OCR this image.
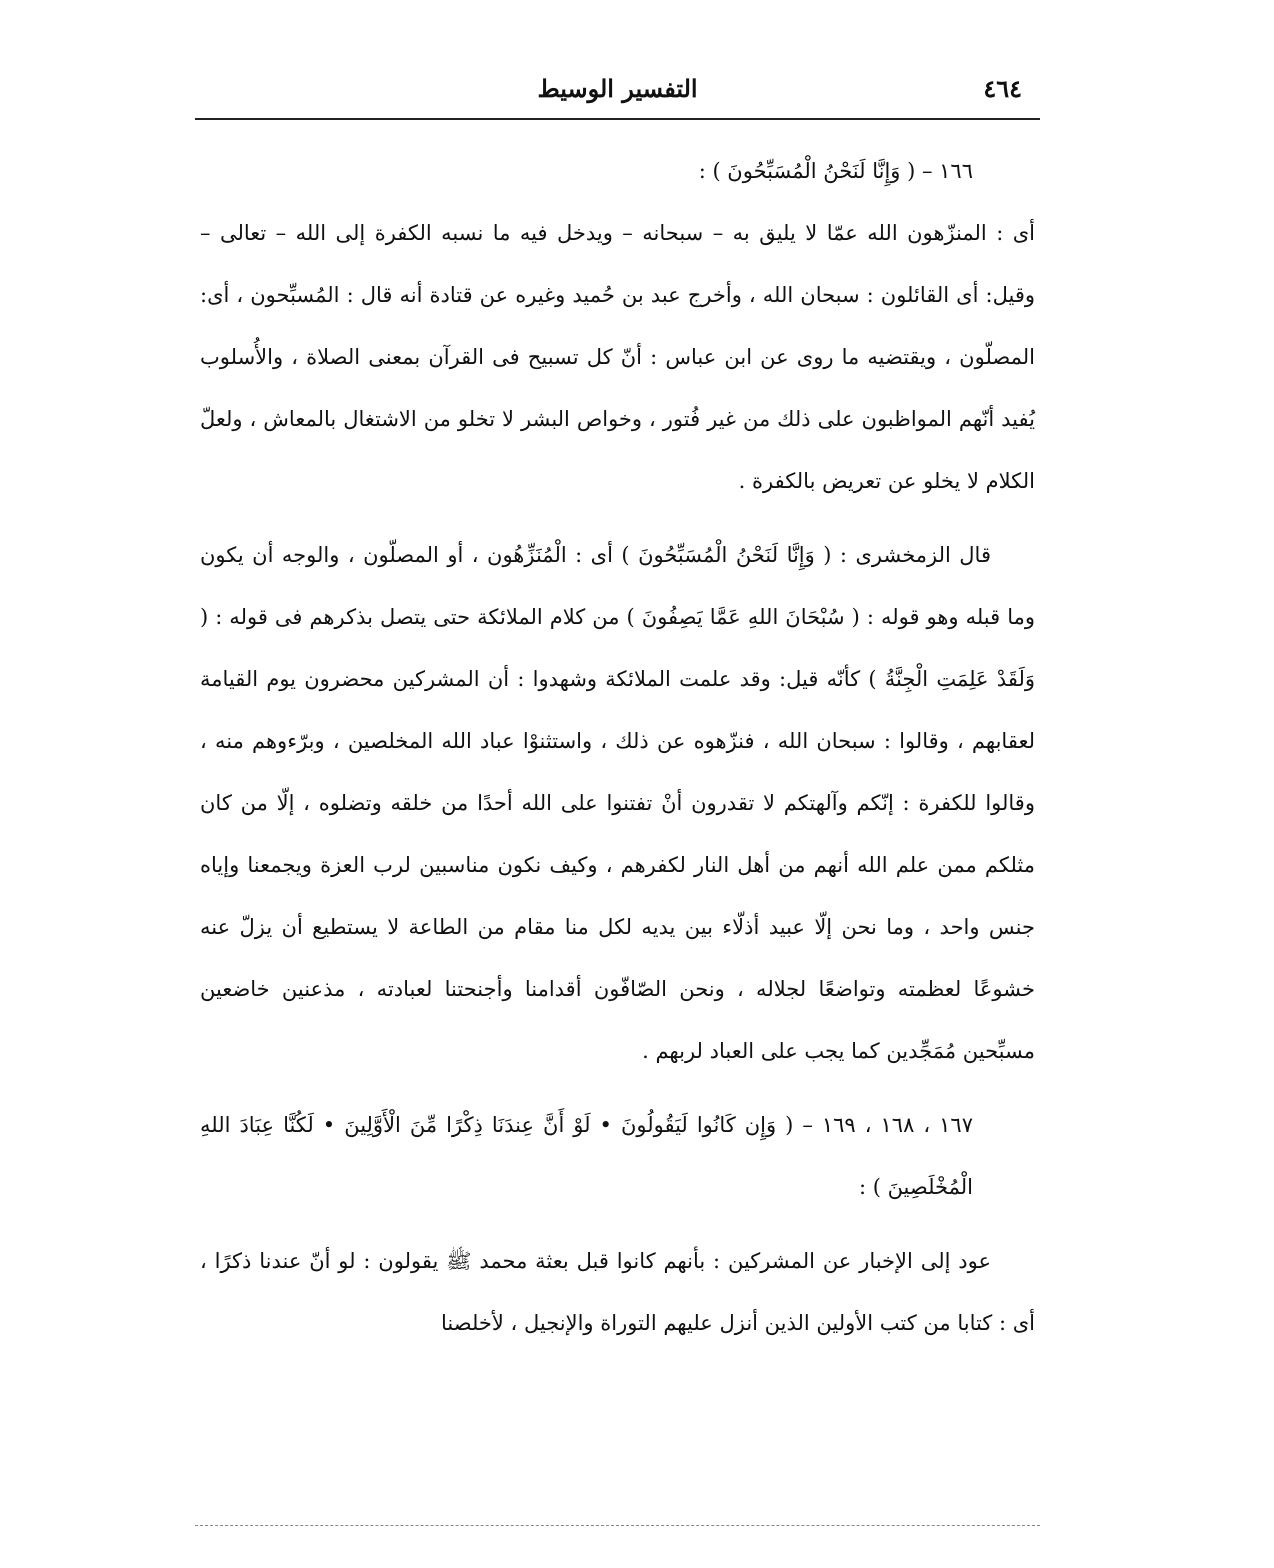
التفسير الوسيط	٤٦٤

١٦٦ – ( وَإِنَّا لَنَحْنُ الْمُسَبِّحُونَ ) :

أى : المنزّهون الله عمّا لا يليق به – سبحانه – ويدخل فيه ما نسبه الكفرة إلى الله – تعالى – وقيل: أى القائلون : سبحان الله ، وأخرج عبد بن حُميد وغيره عن قتادة أنه قال : المُسبِّحون ، أى: المصلّون ، ويقتضيه ما روى عن ابن عباس : أنّ كل تسبيح فى القرآن بمعنى الصلاة ، والأُسلوب يُفيد أنّهم المواظبون على ذلك من غير فُتور ، وخواص البشر لا تخلو من الاشتغال بالمعاش ، ولعلّ الكلام لا يخلو عن تعريض بالكفرة .

قال الزمخشرى : ( وَإِنَّا لَنَحْنُ الْمُسَبِّحُونَ ) أى : الْمُنَزِّهُون ، أو المصلّون ، والوجه أن يكون وما قبله وهو قوله : ( سُبْحَانَ اللهِ عَمَّا يَصِفُونَ ) من كلام الملائكة حتى يتصل بذكرهم فى قوله : ( وَلَقَدْ عَلِمَتِ الْجِنَّةُ ) كأنّه قيل: وقد علمت الملائكة وشهدوا : أن المشركين محضرون يوم القيامة لعقابهم ، وقالوا : سبحان الله ، فنزّهوه عن ذلك ، واستثنوْا عباد الله المخلصين ، وبرّءوهم منه ، وقالوا للكفرة : إنّكم وآلهتكم لا تقدرون أنْ تفتنوا على الله أحدًا من خلقه وتضلوه ، إلّا من كان مثلكم ممن علم الله أنهم من أهل النار لكفرهم ، وكيف نكون مناسبين لرب العزة ويجمعنا وإياه جنس واحد ، وما نحن إلّا عبيد أذلّاء بين يديه لكل منا مقام من الطاعة لا يستطيع أن يزلّ عنه خشوعًا لعظمته وتواضعًا لجلاله ، ونحن الصّافّون أقدامنا وأجنحتنا لعبادته ، مذعنين خاضعين مسبِّحين مُمَجِّدين كما يجب على العباد لربهم .

١٦٧ ، ١٦٨ ، ١٦٩ – ( وَإِن كَانُوا لَيَقُولُونَ • لَوْ أَنَّ عِندَنَا ذِكْرًا مِّنَ الْأَوَّلِينَ • لَكُنَّا عِبَادَ اللهِ الْمُخْلَصِينَ ) :

عود إلى الإخبار عن المشركين : بأنهم كانوا قبل بعثة محمد ﷺ يقولون : لو أنّ عندنا ذكرًا ، أى : كتابا من كتب الأولين الذين أنزل عليهم التوراة والإنجيل ، لأخلصنا
